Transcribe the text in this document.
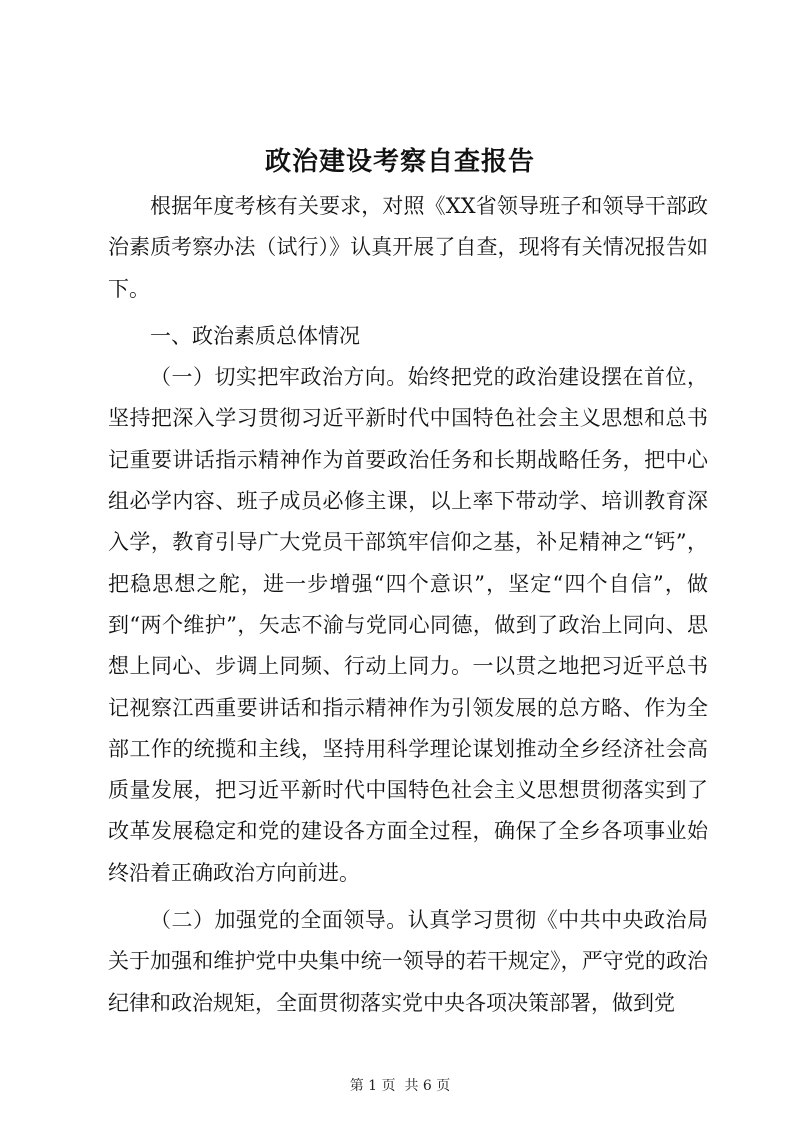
政治建设考察自查报告

根据年度考核有关要求，对照《XX省领导班子和领导干部政治素质考察办法（试行）》认真开展了自查，现将有关情况报告如下。

一、政治素质总体情况

（一）切实把牢政治方向。始终把党的政治建设摆在首位，坚持把深入学习贯彻习近平新时代中国特色社会主义思想和总书记重要讲话指示精神作为首要政治任务和长期战略任务，把中心组必学内容、班子成员必修主课，以上率下带动学、培训教育深入学，教育引导广大党员干部筑牢信仰之基，补足精神之“钙”，把稳思想之舵，进一步增强“四个意识”，坚定“四个自信”，做到“两个维护”，矢志不渝与党同心同德，做到了政治上同向、思想上同心、步调上同频、行动上同力。一以贯之地把习近平总书记视察江西重要讲话和指示精神作为引领发展的总方略、作为全部工作的统揽和主线，坚持用科学理论谋划推动全乡经济社会高质量发展，把习近平新时代中国特色社会主义思想贯彻落实到了改革发展稳定和党的建设各方面全过程，确保了全乡各项事业始终沿着正确政治方向前进。

（二）加强党的全面领导。认真学习贯彻《中共中央政治局关于加强和维护党中央集中统一领导的若干规定》，严守党的政治纪律和政治规矩，全面贯彻落实党中央各项决策部署，做到党

第 1 页 共 6 页
